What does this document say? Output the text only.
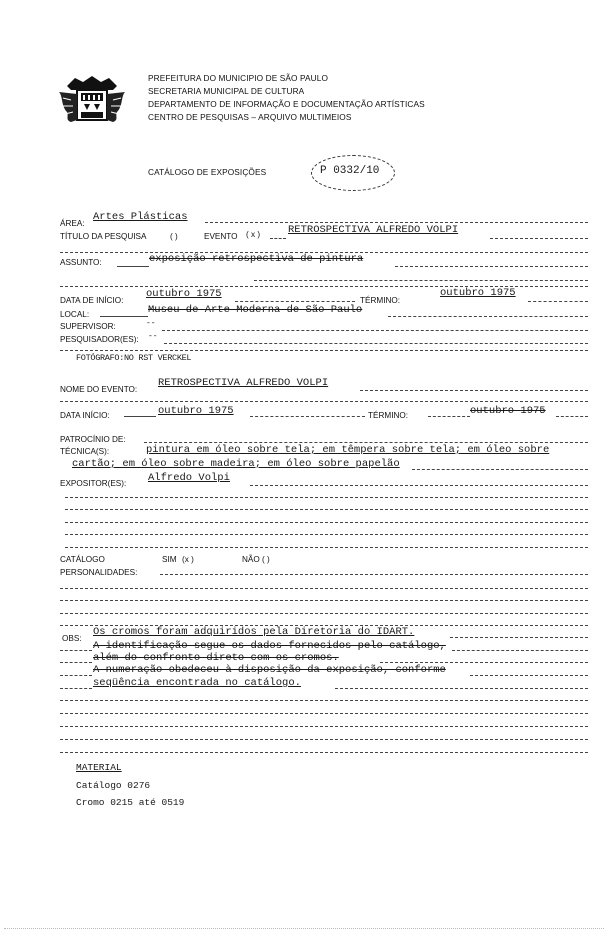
PREFEITURA DO MUNICIPIO DE SÃO PAULO
SECRETARIA MUNICIPAL DE CULTURA
DEPARTAMENTO DE INFORMAÇÃO E DOCUMENTAÇÃO ARTÍSTICAS
CENTRO DE PESQUISAS – ARQUIVO MULTIMEIOS
CATÁLOGO DE EXPOSIÇÕES	P 0332/10
ÁREA:
Artes Plásticas
TÍTULO DA PESQUISA	( )	EVENTO ( x )	RETROSPECTIVA ALFREDO VOLPI
ASSUNTO:	exposição retrospectiva de pintura
DATA DE INÍCIO:
outubro 1975
TÉRMINO:
outubro 1975
LOCAL:	Museu de Arte Moderna de São Paulo
SUPERVISOR:	--
PESQUISADOR(ES): --
FOTÓGRAFO:NO RST VERCKEL
NOME DO EVENTO:
RETROSPECTIVA ALFREDO VOLPI
DATA INÍCIO:	outubro 1975	TÉRMINO:	outubro 1975
PATROCÍNIO DE:
TÉCNICA(S):	pintura em óleo sobre tela; em têmpera sobre tela; em óleo sobre
cartão; em óleo sobre madeira; em óleo sobre papelão
EXPOSITOR(ES): Alfredo Volpi
CATÁLOGO	SIM (x )	NÃO ( )
PERSONALIDADES:
OBS:
Os cromos foram adquiridos pela Diretoria do IDART.
A identificação segue os dados fornecidos pelo catálogo,
além do confronto direto com os cromos.
A numeração obedeceu à disposição da exposição, conforme
seqüência encontrada no catálogo.
MATERIAL
Catálogo 0276
Cromo 0215 até 0519
